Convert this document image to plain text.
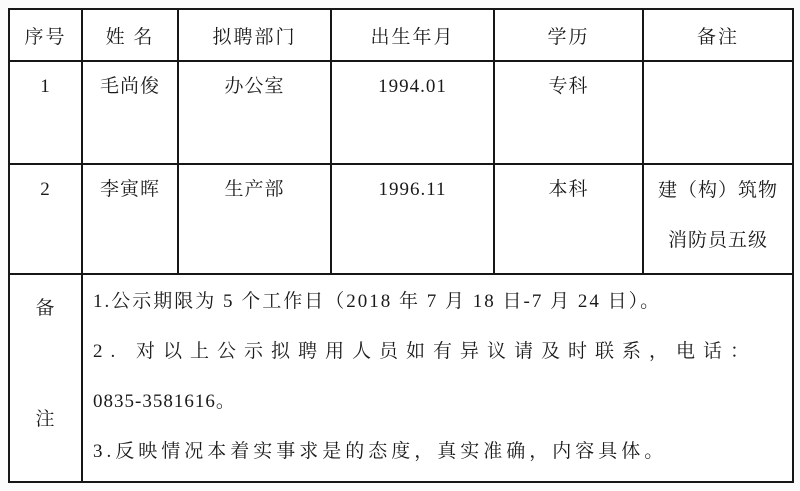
序号	姓 名	拟聘部门	出生年月	学历	备注
1	毛尚俊	办公室	1994.01	专科	

2	李寅晖	生产部	1996.11	本科	建（构）筑物
消防员五级

备
注

1.公示期限为 5 个工作日（2018 年 7 月 18 日-7 月 24 日）。
2. 对以上公示拟聘用人员如有异议请及时联系，电话：
0835-3581616。
3.反映情况本着实事求是的态度，真实准确，内容具体。
